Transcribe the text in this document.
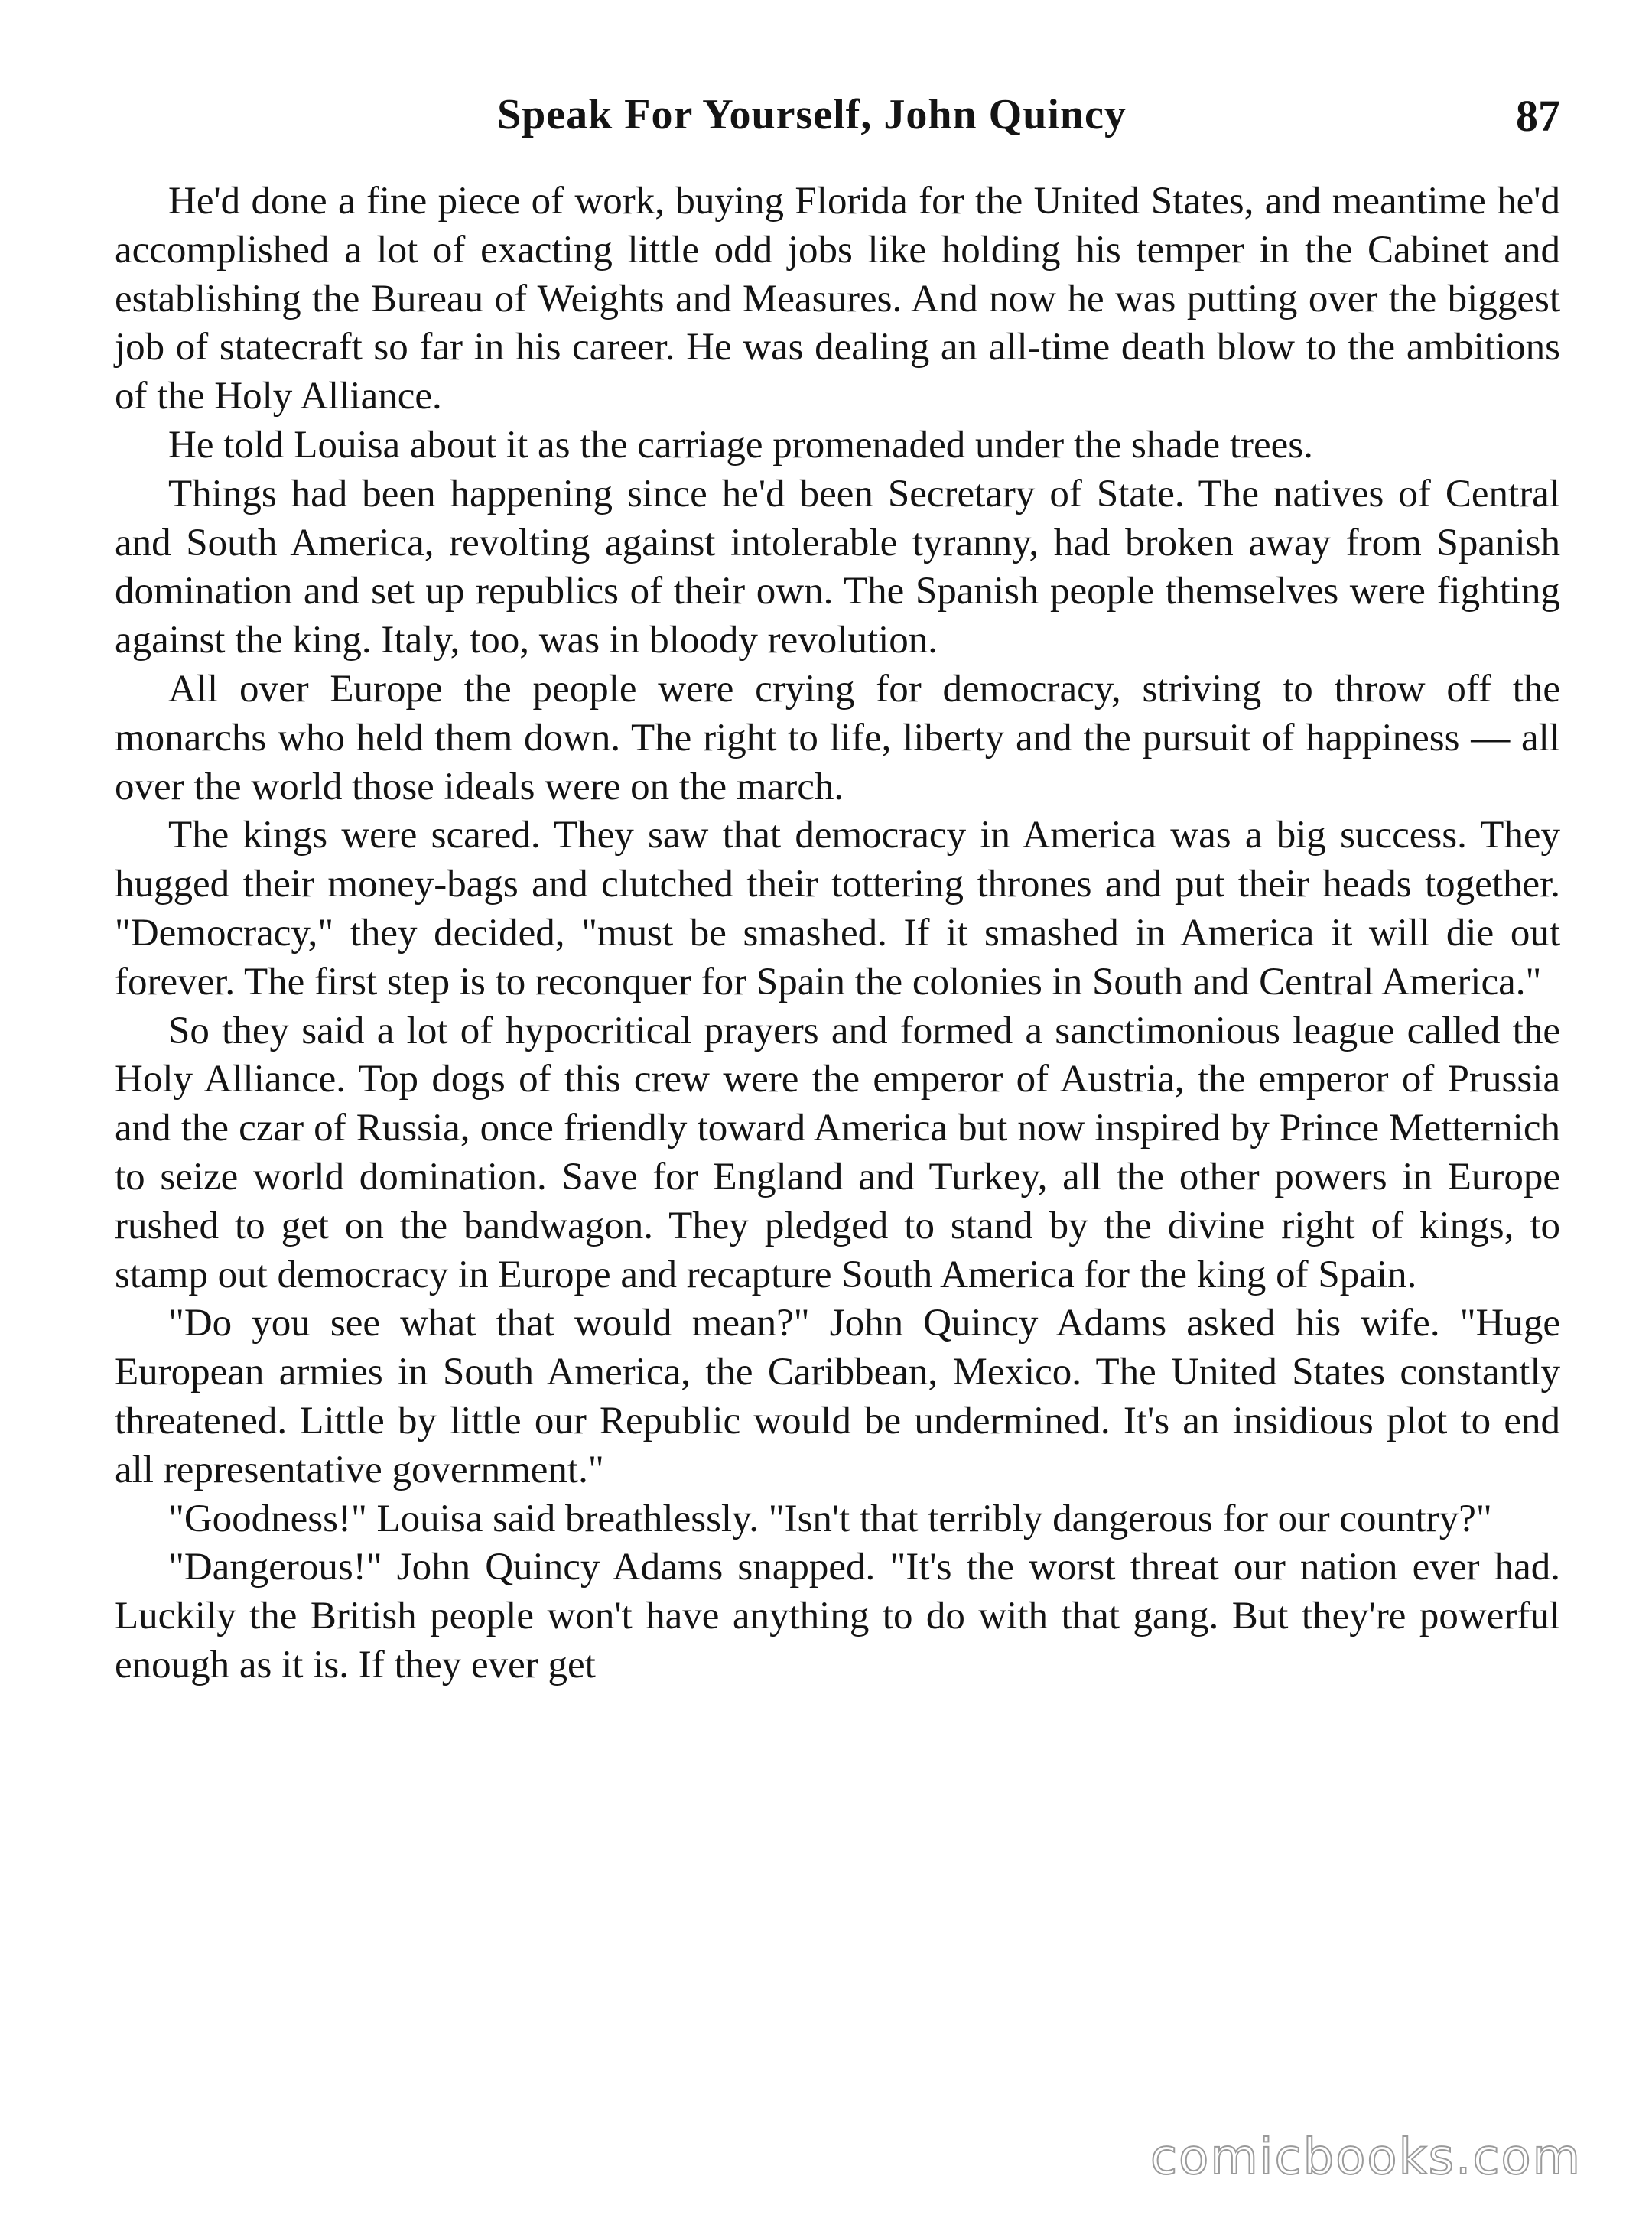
Speak For Yourself, John Quincy	87

He'd done a fine piece of work, buying Florida for the United States, and meantime he'd accomplished a lot of exacting little odd jobs like holding his temper in the Cabinet and establishing the Bureau of Weights and Measures. And now he was putting over the biggest job of statecraft so far in his career. He was dealing an all-time death blow to the ambitions of the Holy Alliance.

He told Louisa about it as the carriage promenaded under the shade trees.

Things had been happening since he'd been Secretary of State. The natives of Central and South America, revolting against intolerable tyranny, had broken away from Spanish domination and set up republics of their own. The Spanish people themselves were fighting against the king. Italy, too, was in bloody revolution.

All over Europe the people were crying for democracy, striving to throw off the monarchs who held them down. The right to life, liberty and the pursuit of happiness — all over the world those ideals were on the march.

The kings were scared. They saw that democracy in America was a big success. They hugged their money-bags and clutched their tottering thrones and put their heads together. "Democracy," they decided, "must be smashed. If it smashed in America it will die out forever. The first step is to reconquer for Spain the colonies in South and Central America."

So they said a lot of hypocritical prayers and formed a sanctimonious league called the Holy Alliance. Top dogs of this crew were the emperor of Austria, the emperor of Prussia and the czar of Russia, once friendly toward America but now inspired by Prince Metternich to seize world domination. Save for England and Turkey, all the other powers in Europe rushed to get on the bandwagon. They pledged to stand by the divine right of kings, to stamp out democracy in Europe and recapture South America for the king of Spain.

"Do you see what that would mean?" John Quincy Adams asked his wife. "Huge European armies in South America, the Caribbean, Mexico. The United States constantly threatened. Little by little our Republic would be undermined. It's an insidious plot to end all representative government."

"Goodness!" Louisa said breathlessly. "Isn't that terribly dangerous for our country?"

"Dangerous!" John Quincy Adams snapped. "It's the worst threat our nation ever had. Luckily the British people won't have anything to do with that gang. But they're powerful enough as it is. If they ever get

comicbooks.com
